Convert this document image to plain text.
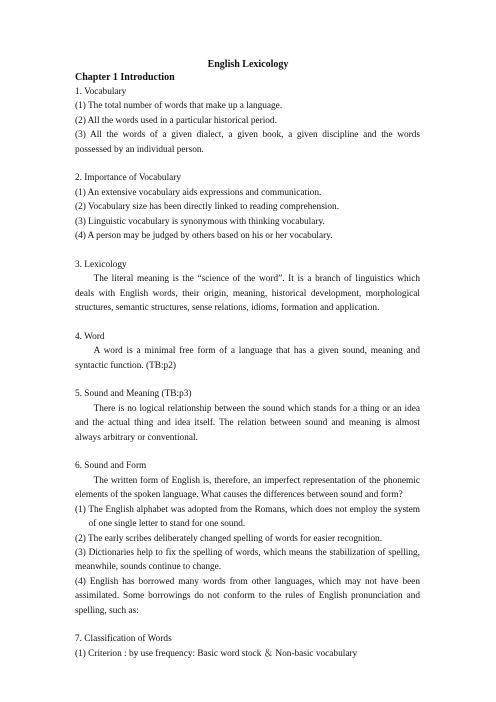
English Lexicology
Chapter 1 Introduction

1. Vocabulary

(1) The total number of words that make up a language.

(2) All the words used in a particular historical period.

(3) All the words of a given dialect, a given book, a given discipline and the words possessed by an individual person.

2. Importance of Vocabulary

(1) An extensive vocabulary aids expressions and communication.

(2) Vocabulary size has been directly linked to reading comprehension.

(3) Linguistic vocabulary is synonymous with thinking vocabulary.

(4) A person may be judged by others based on his or her vocabulary.

3. Lexicology

The literal meaning is the “science of the word”. It is a branch of linguistics which deals with English words, their origin, meaning, historical development, morphological structures, semantic structures, sense relations, idioms, formation and application.

4. Word

A word is a minimal free form of a language that has a given sound, meaning and syntactic function. (TB:p2)

5. Sound and Meaning (TB:p3)

There is no logical relationship between the sound which stands for a thing or an idea and the actual thing and idea itself. The relation between sound and meaning is almost always arbitrary or conventional.

6. Sound and Form

The written form of English is, therefore, an imperfect representation of the phonemic elements of the spoken language. What causes the differences between sound and form?

(1) The English alphabet was adopted from the Romans, which does not employ the system of one single letter to stand for one sound.

(2) The early scribes deliberately changed spelling of words for easier recognition.

(3) Dictionaries help to fix the spelling of words, which means the stabilization of spelling, meanwhile, sounds continue to change.

(4) English has borrowed many words from other languages, which may not have been assimilated. Some borrowings do not conform to the rules of English pronunciation and spelling, such as:

7. Classification of Words

(1) Criterion : by use frequency: Basic word stock ＆ Non-basic vocabulary
